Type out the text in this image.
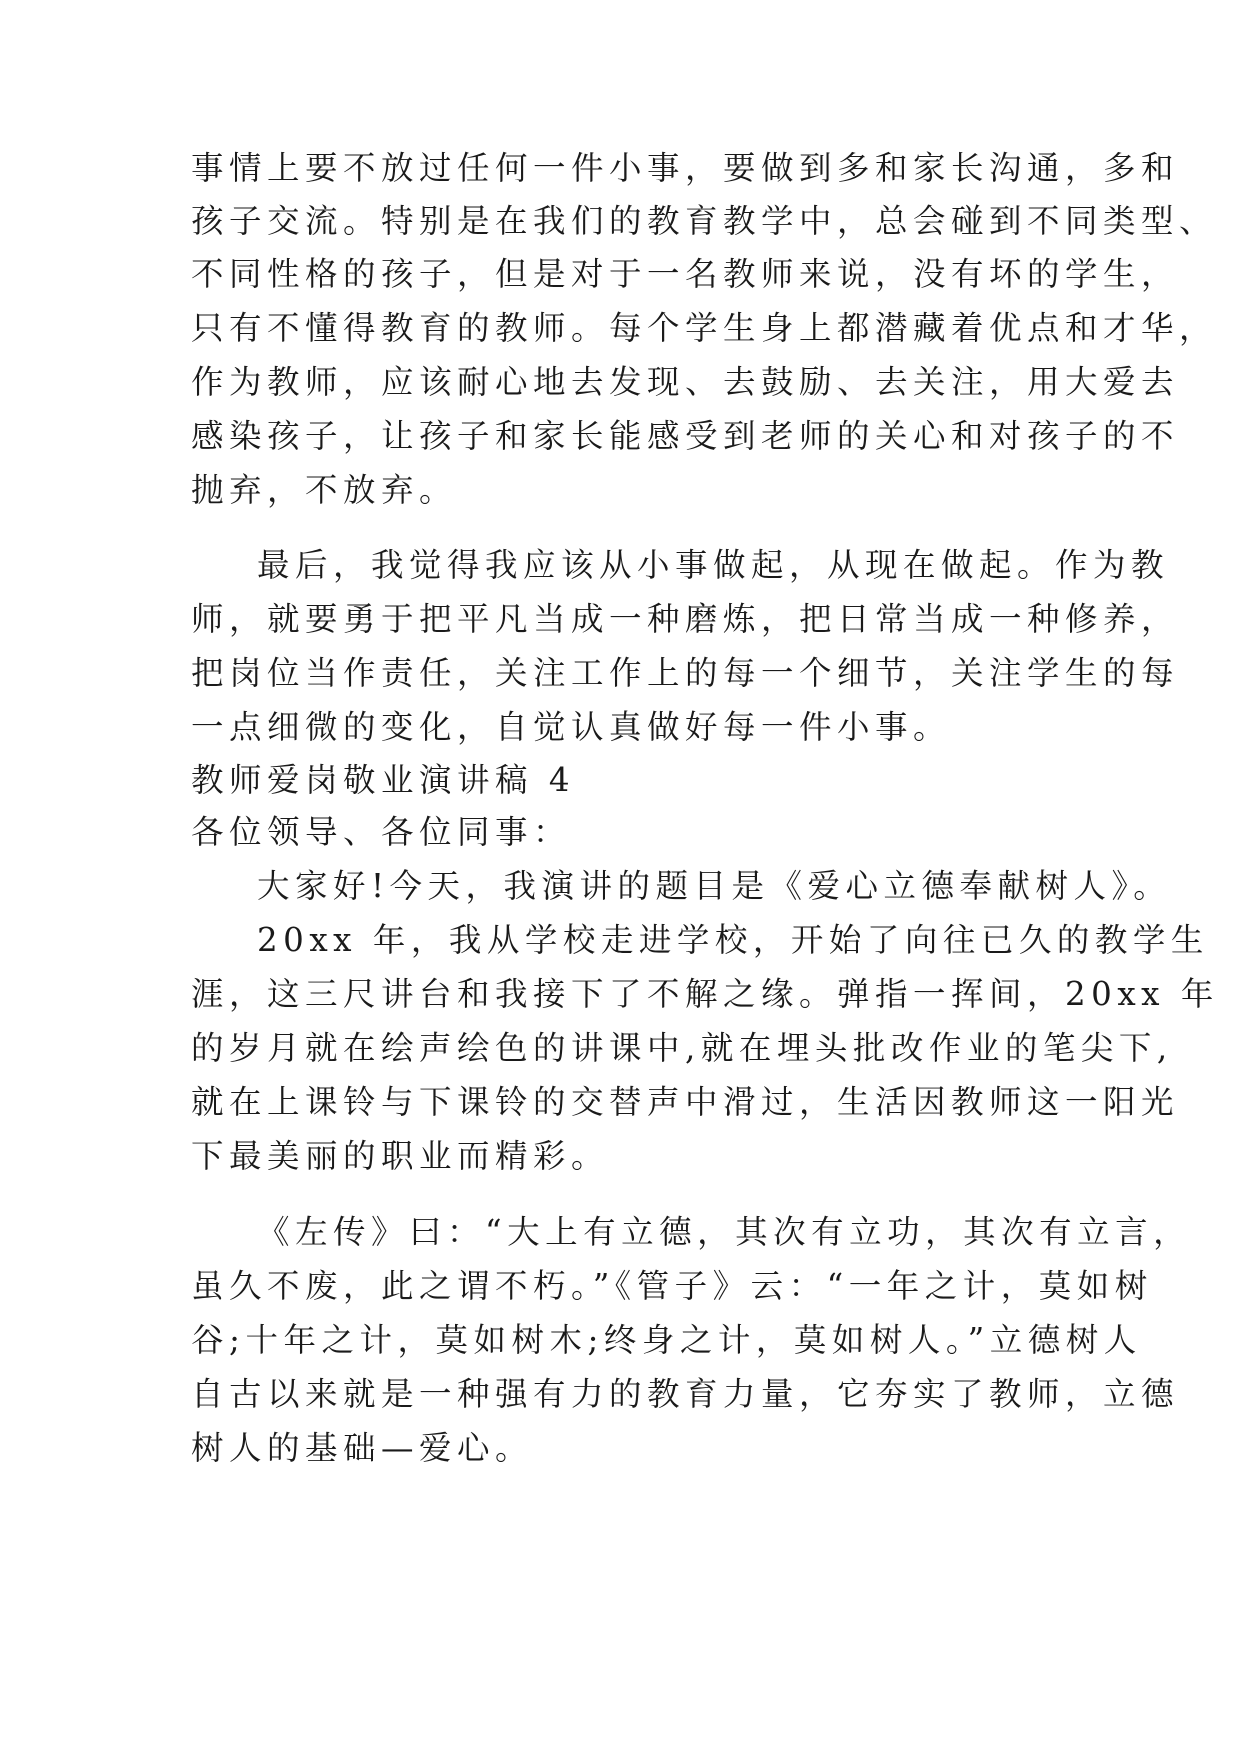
事情上要不放过任何一件小事，要做到多和家长沟通，多和

孩子交流。特别是在我们的教育教学中，总会碰到不同类型、

不同性格的孩子，但是对于一名教师来说，没有坏的学生，

只有不懂得教育的教师。每个学生身上都潜藏着优点和才华，

作为教师，应该耐心地去发现、去鼓励、去关注，用大爱去

感染孩子，让孩子和家长能感受到老师的关心和对孩子的不

抛弃，不放弃。

最后，我觉得我应该从小事做起，从现在做起。作为教

师，就要勇于把平凡当成一种磨炼，把日常当成一种修养，

把岗位当作责任，关注工作上的每一个细节，关注学生的每

一点细微的变化，自觉认真做好每一件小事。

教师爱岗敬业演讲稿 4

各位领导、各位同事：

大家好!今天，我演讲的题目是《爱心立德奉献树人》。

20xx 年，我从学校走进学校，开始了向往已久的教学生

涯，这三尺讲台和我接下了不解之缘。弹指一挥间，20xx 年

的岁月就在绘声绘色的讲课中,就在埋头批改作业的笔尖下,

就在上课铃与下课铃的交替声中滑过，生活因教师这一阳光

下最美丽的职业而精彩。

《左传》曰：“大上有立德，其次有立功，其次有立言，

虽久不废，此之谓不朽。”《管子》云：“一年之计，莫如树

谷;十年之计，莫如树木;终身之计，莫如树人。”立德树人

自古以来就是一种强有力的教育力量，它夯实了教师，立德

树人的基础—爱心。
